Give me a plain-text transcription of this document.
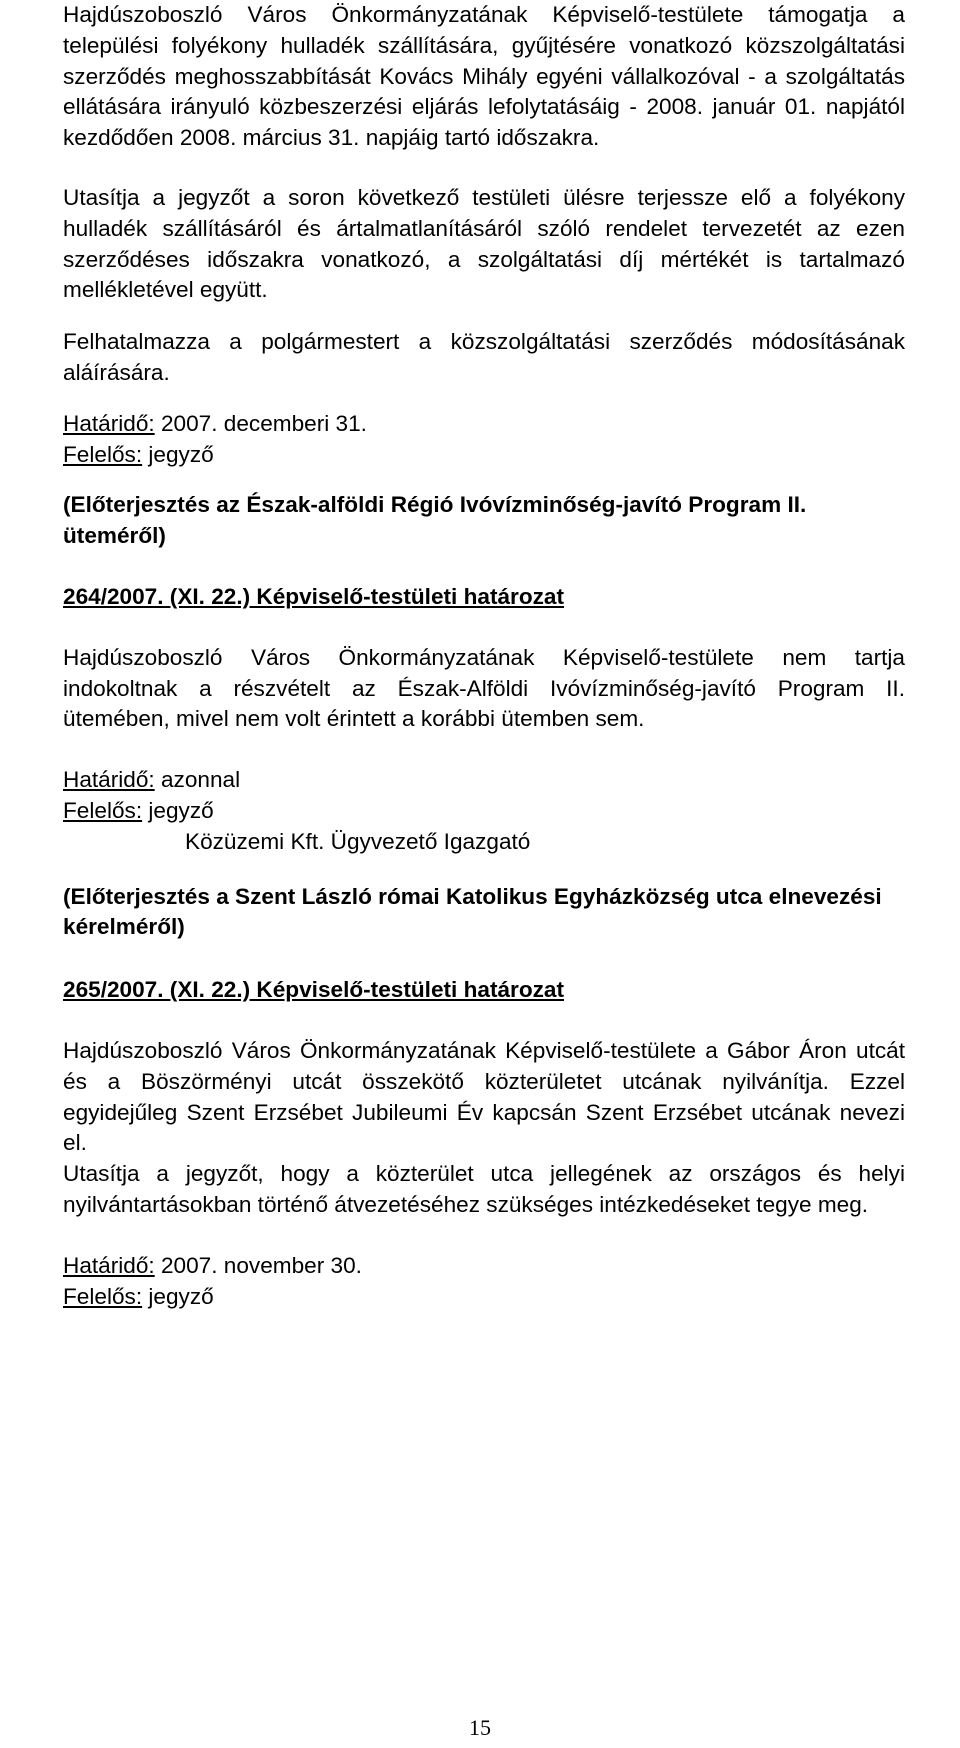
Hajdúszoboszló Város Önkormányzatának Képviselő-testülete támogatja a települési folyékony hulladék szállítására, gyűjtésére vonatkozó közszolgáltatási szerződés meghosszabbítását Kovács Mihály egyéni vállalkozóval - a szolgáltatás ellátására irányuló közbeszerzési eljárás lefolytatásáig - 2008. január 01. napjától kezdődően 2008. március 31. napjáig tartó időszakra.

Utasítja a jegyzőt a soron következő testületi ülésre terjessze elő a folyékony hulladék szállításáról és ártalmatlanításáról szóló rendelet tervezetét az ezen szerződéses időszakra vonatkozó, a szolgáltatási díj mértékét is tartalmazó mellékletével együtt.

Felhatalmazza a polgármestert a közszolgáltatási szerződés módosításának aláírására.

Határidő: 2007. decemberi 31.

Felelős: jegyző

(Előterjesztés az Észak-alföldi Régió Ivóvízminőség-javító Program II. üteméről)

264/2007. (XI. 22.) Képviselő-testületi határozat

Hajdúszoboszló Város Önkormányzatának Képviselő-testülete nem tartja indokoltnak a részvételt az Észak-Alföldi Ivóvízminőség-javító Program II. ütemében, mivel nem volt érintett a korábbi ütemben sem.

Határidő: azonnal

Felelős: jegyző

Közüzemi Kft. Ügyvezető Igazgató

(Előterjesztés a Szent László római Katolikus Egyházközség utca elnevezési kérelméről)

265/2007. (XI. 22.) Képviselő-testületi határozat

Hajdúszoboszló Város Önkormányzatának Képviselő-testülete a Gábor Áron utcát és a Böszörményi utcát összekötő közterületet utcának nyilvánítja. Ezzel egyidejűleg Szent Erzsébet Jubileumi Év kapcsán Szent Erzsébet utcának nevezi el.

Utasítja a jegyzőt, hogy a közterület utca jellegének az országos és helyi nyilvántartásokban történő átvezetéséhez szükséges intézkedéseket tegye meg.

Határidő: 2007. november 30.

Felelős: jegyző

15
